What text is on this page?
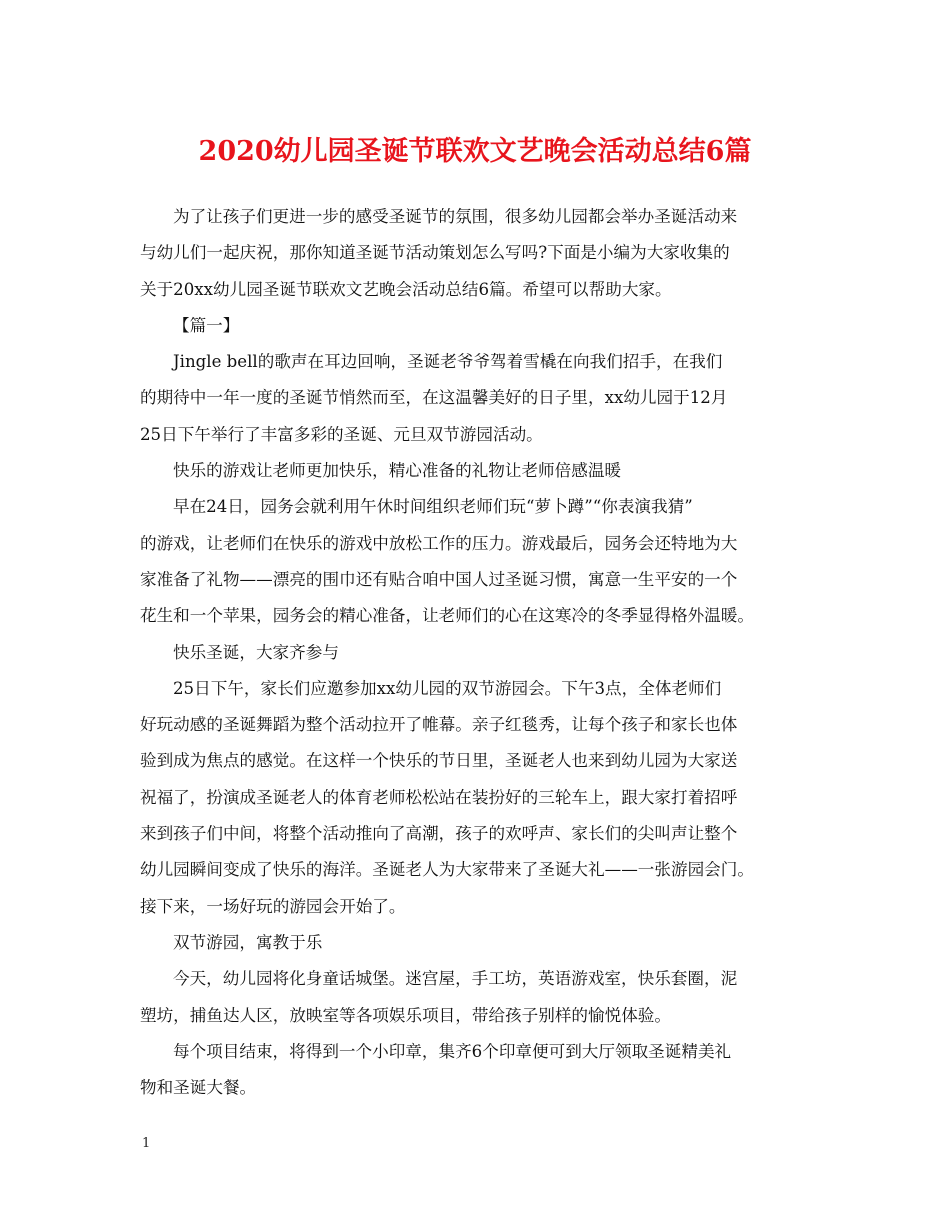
2020幼儿园圣诞节联欢文艺晚会活动总结6篇

为了让孩子们更进一步的感受圣诞节的氛围，很多幼儿园都会举办圣诞活动来
与幼儿们一起庆祝，那你知道圣诞节活动策划怎么写吗?下面是小编为大家收集的
关于20xx幼儿园圣诞节联欢文艺晚会活动总结6篇。希望可以帮助大家。

【篇一】

Jingle bell的歌声在耳边回响，圣诞老爷爷驾着雪橇在向我们招手，在我们
的期待中一年一度的圣诞节悄然而至，在这温馨美好的日子里，xx幼儿园于12月
25日下午举行了丰富多彩的圣诞、元旦双节游园活动。

快乐的游戏让老师更加快乐，精心准备的礼物让老师倍感温暖

早在24日，园务会就利用午休时间组织老师们玩“萝卜蹲”“你表演我猜”
的游戏，让老师们在快乐的游戏中放松工作的压力。游戏最后，园务会还特地为大
家准备了礼物——漂亮的围巾还有贴合咱中国人过圣诞习惯，寓意一生平安的一个
花生和一个苹果，园务会的精心准备，让老师们的心在这寒冷的冬季显得格外温暖。

快乐圣诞，大家齐参与

25日下午，家长们应邀参加xx幼儿园的双节游园会。下午3点，全体老师们
好玩动感的圣诞舞蹈为整个活动拉开了帷幕。亲子红毯秀，让每个孩子和家长也体
验到成为焦点的感觉。在这样一个快乐的节日里，圣诞老人也来到幼儿园为大家送
祝福了，扮演成圣诞老人的体育老师松松站在装扮好的三轮车上，跟大家打着招呼
来到孩子们中间，将整个活动推向了高潮，孩子的欢呼声、家长们的尖叫声让整个
幼儿园瞬间变成了快乐的海洋。圣诞老人为大家带来了圣诞大礼——一张游园会门。
接下来，一场好玩的游园会开始了。

双节游园，寓教于乐

今天，幼儿园将化身童话城堡。迷宫屋，手工坊，英语游戏室，快乐套圈，泥
塑坊，捕鱼达人区，放映室等各项娱乐项目，带给孩子别样的愉悦体验。

每个项目结束，将得到一个小印章，集齐6个印章便可到大厅领取圣诞精美礼
物和圣诞大餐。

1
